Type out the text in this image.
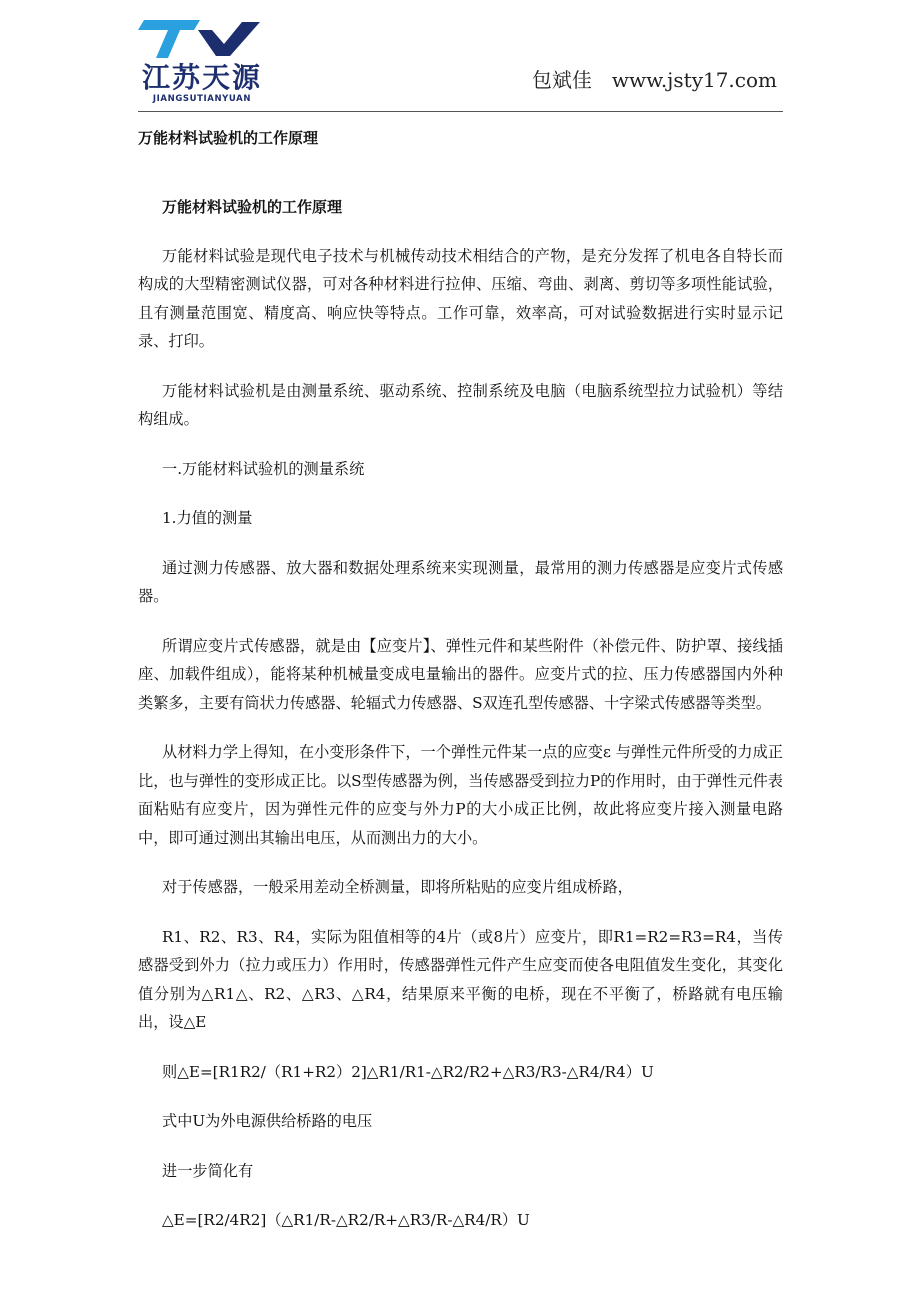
江苏天源
JIANGSUTIANYUAN
包斌佳 www.jsty17.com
万能材料试验机的工作原理

万能材料试验机的工作原理

万能材料试验是现代电子技术与机械传动技术相结合的产物，是充分发挥了机电各自特长而构成的大型精密测试仪器，可对各种材料进行拉伸、压缩、弯曲、剥离、剪切等多项性能试验，且有测量范围宽、精度高、响应快等特点。工作可靠，效率高，可对试验数据进行实时显示记录、打印。

万能材料试验机是由测量系统、驱动系统、控制系统及电脑（电脑系统型拉力试验机）等结构组成。

一.万能材料试验机的测量系统

1.力值的测量

通过测力传感器、放大器和数据处理系统来实现测量，最常用的测力传感器是应变片式传感器。

所谓应变片式传感器，就是由【应变片】、弹性元件和某些附件（补偿元件、防护罩、接线插座、加载件组成），能将某种机械量变成电量输出的器件。应变片式的拉、压力传感器国内外种类繁多，主要有筒状力传感器、轮辐式力传感器、S双连孔型传感器、十字梁式传感器等类型。

从材料力学上得知，在小变形条件下，一个弹性元件某一点的应变ε 与弹性元件所受的力成正比，也与弹性的变形成正比。以S型传感器为例，当传感器受到拉力P的作用时，由于弹性元件表面粘贴有应变片，因为弹性元件的应变与外力P的大小成正比例，故此将应变片接入测量电路中，即可通过测出其输出电压，从而测出力的大小。

对于传感器，一般采用差动全桥测量，即将所粘贴的应变片组成桥路，

R1、R2、R3、R4，实际为阻值相等的4片（或8片）应变片，即R1=R2=R3=R4，当传感器受到外力（拉力或压力）作用时，传感器弹性元件产生应变而使各电阻值发生变化，其变化值分别为△R1△、R2、△R3、△R4，结果原来平衡的电桥，现在不平衡了，桥路就有电压输出，设△E

则△E=[R1R2/（R1+R2）2]△R1/R1-△R2/R2+△R3/R3-△R4/R4）U

式中U为外电源供给桥路的电压

进一步简化有

△E=[R2/4R2]（△R1/R-△R2/R+△R3/R-△R4/R）U
